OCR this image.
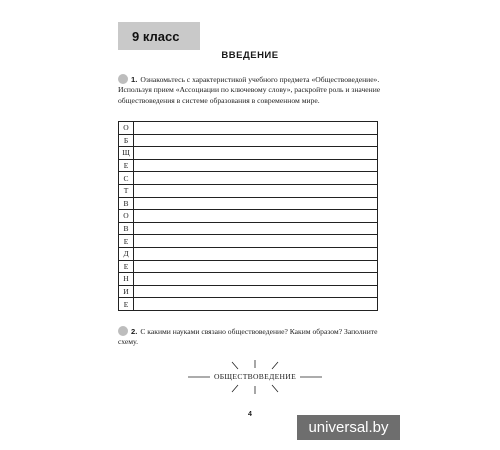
9 класс
ВВЕДЕНИЕ
1. Ознакомьтесь с характеристикой учебного предмета «Обществоведение». Используя прием «Ассоциации по ключевому слову», раскройте роль и значение обществоведения в системе образования в современном мире.
О	
Б	
Щ	
Е	
С	
Т	
В	
О	
В	
Е	
Д	
Е	
Н	
И	
Е	
2. С какими науками связано обществоведение? Каким образом? Заполните схему.
ОБЩЕСТВОВЕДЕНИЕ
4
universal.by
